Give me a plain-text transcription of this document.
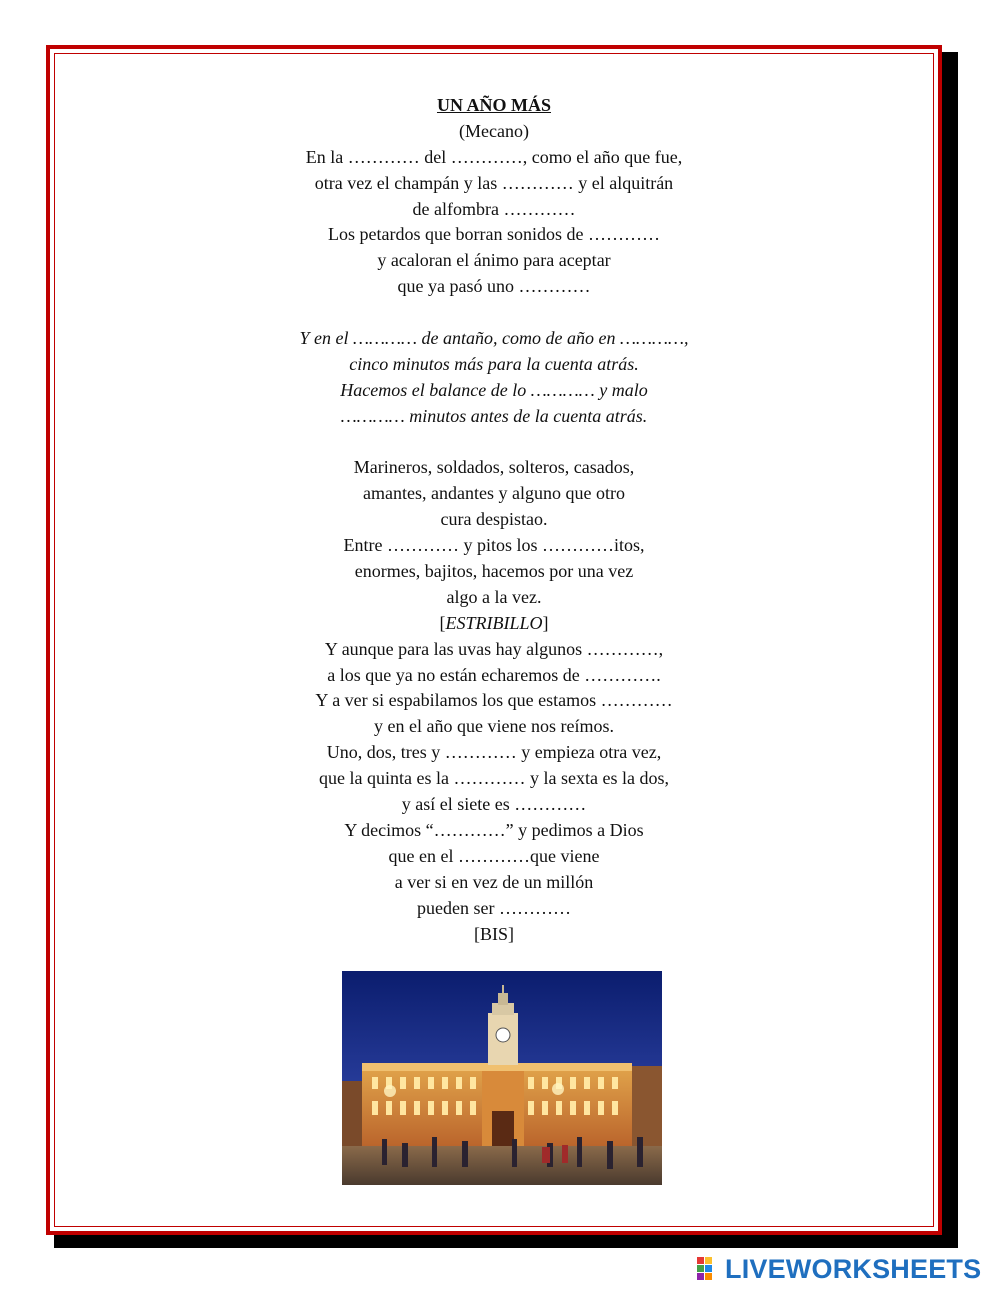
UN AÑO MÁS
(Mecano)
En la ………… del …………, como el año que fue,
otra vez el champán y las ………… y el alquitrán
de alfombra …………
Los petardos que borran sonidos de …………
y acaloran el ánimo para aceptar
que ya pasó uno …………
Y en el ………… de antaño, como de año en …………,
cinco minutos más para la cuenta atrás.
Hacemos el balance de lo ………… y malo
………… minutos antes de la cuenta atrás.
Marineros, soldados, solteros, casados,
amantes, andantes y alguno que otro
cura despistao.
Entre ………… y pitos los …………itos,
enormes, bajitos, hacemos por una vez
algo a la vez.
[ESTRIBILLO]
Y aunque para las uvas hay algunos …………,
a los que ya no están echaremos de ………….
Y a ver si espabilamos los que estamos …………
y en el año que viene nos reímos.
Uno, dos, tres y ………… y empieza otra vez,
que la quinta es la ………… y la sexta es la dos,
y así el siete es …………
Y decimos “…………” y pedimos a Dios
que en el …………que viene
a ver si en vez de un millón
pueden ser …………
[BIS]
LIVEWORKSHEETS
